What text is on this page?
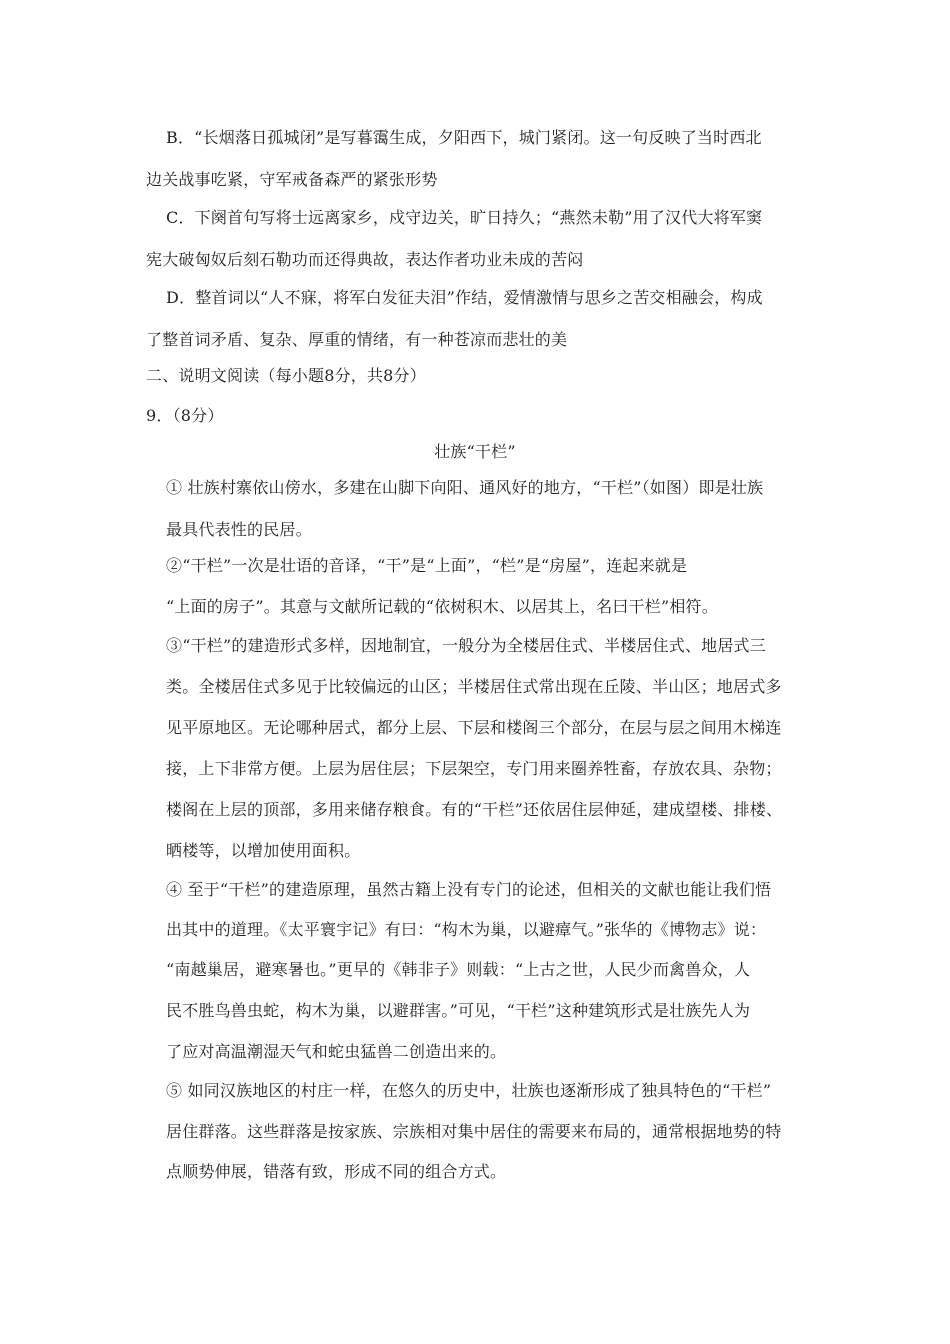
B．“长烟落日孤城闭”是写暮霭生成，夕阳西下，城门紧闭。这一句反映了当时西北
边关战事吃紧，守军戒备森严的紧张形势
C．下阕首句写将士远离家乡，戍守边关，旷日持久；“燕然未勒”用了汉代大将军窦
宪大破匈奴后刻石勒功而还得典故，表达作者功业未成的苦闷
D．整首词以“人不寐，将军白发征夫泪”作结，爱情激情与思乡之苦交相融会，构成
了整首词矛盾、复杂、厚重的情绪，有一种苍凉而悲壮的美
二、说明文阅读（每小题8分，共8分）
9．（8分）
壮族“干栏”
① 壮族村寨依山傍水，多建在山脚下向阳、通风好的地方，“干栏”（如图）即是壮族
最具代表性的民居。
②“干栏”一次是壮语的音译，“干”是“上面”，“栏”是“房屋”，连起来就是
“上面的房子”。其意与文献所记载的“依树积木、以居其上，名曰干栏”相符。
③“干栏”的建造形式多样，因地制宜，一般分为全楼居住式、半楼居住式、地居式三
类。全楼居住式多见于比较偏远的山区；半楼居住式常出现在丘陵、半山区；地居式多
见平原地区。无论哪种居式，都分上层、下层和楼阁三个部分，在层与层之间用木梯连
接，上下非常方便。上层为居住层；下层架空，专门用来圈养牲畜，存放农具、杂物；
楼阁在上层的顶部，多用来储存粮食。有的“干栏”还依居住层伸延，建成望楼、排楼、
晒楼等，以增加使用面积。
④ 至于“干栏”的建造原理，虽然古籍上没有专门的论述，但相关的文献也能让我们悟
出其中的道理。《太平寰宇记》有曰：“构木为巢，以避瘴气。”张华的《博物志》说：
“南越巢居，避寒暑也。”更早的《韩非子》则载：“上古之世，人民少而禽兽众，人
民不胜鸟兽虫蛇，构木为巢，以避群害。”可见，“干栏”这种建筑形式是壮族先人为
了应对高温潮湿天气和蛇虫猛兽二创造出来的。
⑤ 如同汉族地区的村庄一样，在悠久的历史中，壮族也逐渐形成了独具特色的“干栏”
居住群落。这些群落是按家族、宗族相对集中居住的需要来布局的，通常根据地势的特
点顺势伸展，错落有致，形成不同的组合方式。
